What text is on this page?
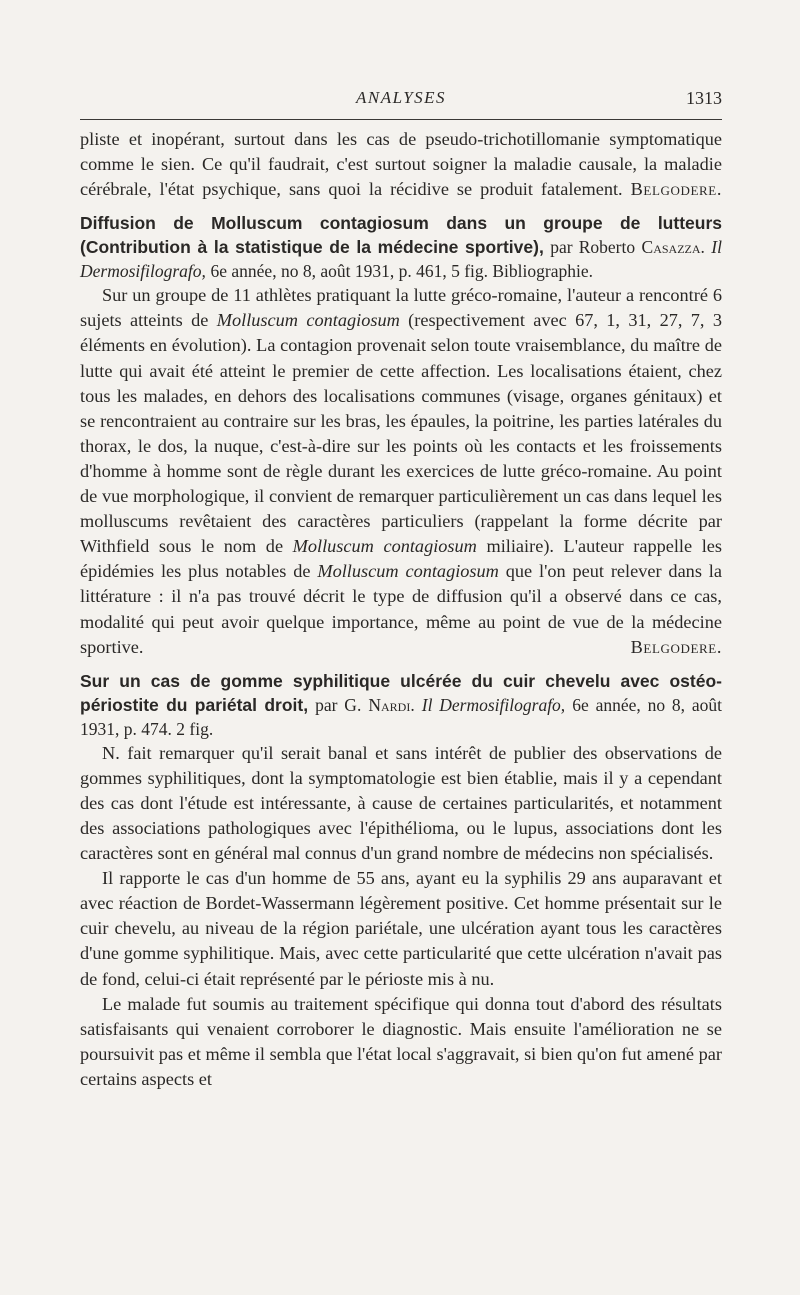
ANALYSES	1313

pliste et inopérant, surtout dans les cas de pseudo-trichotillomanie symptomatique comme le sien. Ce qu'il faudrait, c'est surtout soigner la maladie causale, la maladie cérébrale, l'état psychique, sans quoi la récidive se produit fatalement. Belgodere.

Diffusion de Molluscum contagiosum dans un groupe de lutteurs (Contribution à la statistique de la médecine sportive), par Roberto Casazza. Il Dermosifilografo, 6e année, no 8, août 1931, p. 461, 5 fig. Bibliographie.

Sur un groupe de 11 athlètes pratiquant la lutte gréco-romaine, l'auteur a rencontré 6 sujets atteints de Molluscum contagiosum (respectivement avec 67, 1, 31, 27, 7, 3 éléments en évolution). La contagion provenait selon toute vraisemblance, du maître de lutte qui avait été atteint le premier de cette affection. Les localisations étaient, chez tous les malades, en dehors des localisations communes (visage, organes génitaux) et se rencontraient au contraire sur les bras, les épaules, la poitrine, les parties latérales du thorax, le dos, la nuque, c'est-à-dire sur les points où les contacts et les froissements d'homme à homme sont de règle durant les exercices de lutte gréco-romaine. Au point de vue morphologique, il convient de remarquer particulièrement un cas dans lequel les molluscums revêtaient des caractères particuliers (rappelant la forme décrite par Withfield sous le nom de Molluscum contagiosum miliaire). L'auteur rappelle les épidémies les plus notables de Molluscum contagiosum que l'on peut relever dans la littérature : il n'a pas trouvé décrit le type de diffusion qu'il a observé dans ce cas, modalité qui peut avoir quelque importance, même au point de vue de la médecine sportive.	Belgodere.

Sur un cas de gomme syphilitique ulcérée du cuir chevelu avec ostéo-périostite du pariétal droit, par G. Nardi. Il Dermosifilografo, 6e année, no 8, août 1931, p. 474. 2 fig.

N. fait remarquer qu'il serait banal et sans intérêt de publier des observations de gommes syphilitiques, dont la symptomatologie est bien établie, mais il y a cependant des cas dont l'étude est intéressante, à cause de certaines particularités, et notamment des associations pathologiques avec l'épithélioma, ou le lupus, associations dont les caractères sont en général mal connus d'un grand nombre de médecins non spécialisés.

Il rapporte le cas d'un homme de 55 ans, ayant eu la syphilis 29 ans auparavant et avec réaction de Bordet-Wassermann légèrement positive. Cet homme présentait sur le cuir chevelu, au niveau de la région pariétale, une ulcération ayant tous les caractères d'une gomme syphilitique. Mais, avec cette particularité que cette ulcération n'avait pas de fond, celui-ci était représenté par le périoste mis à nu.

Le malade fut soumis au traitement spécifique qui donna tout d'abord des résultats satisfaisants qui venaient corroborer le diagnostic. Mais ensuite l'amélioration ne se poursuivit pas et même il sembla que l'état local s'aggravait, si bien qu'on fut amené par certains aspects et
